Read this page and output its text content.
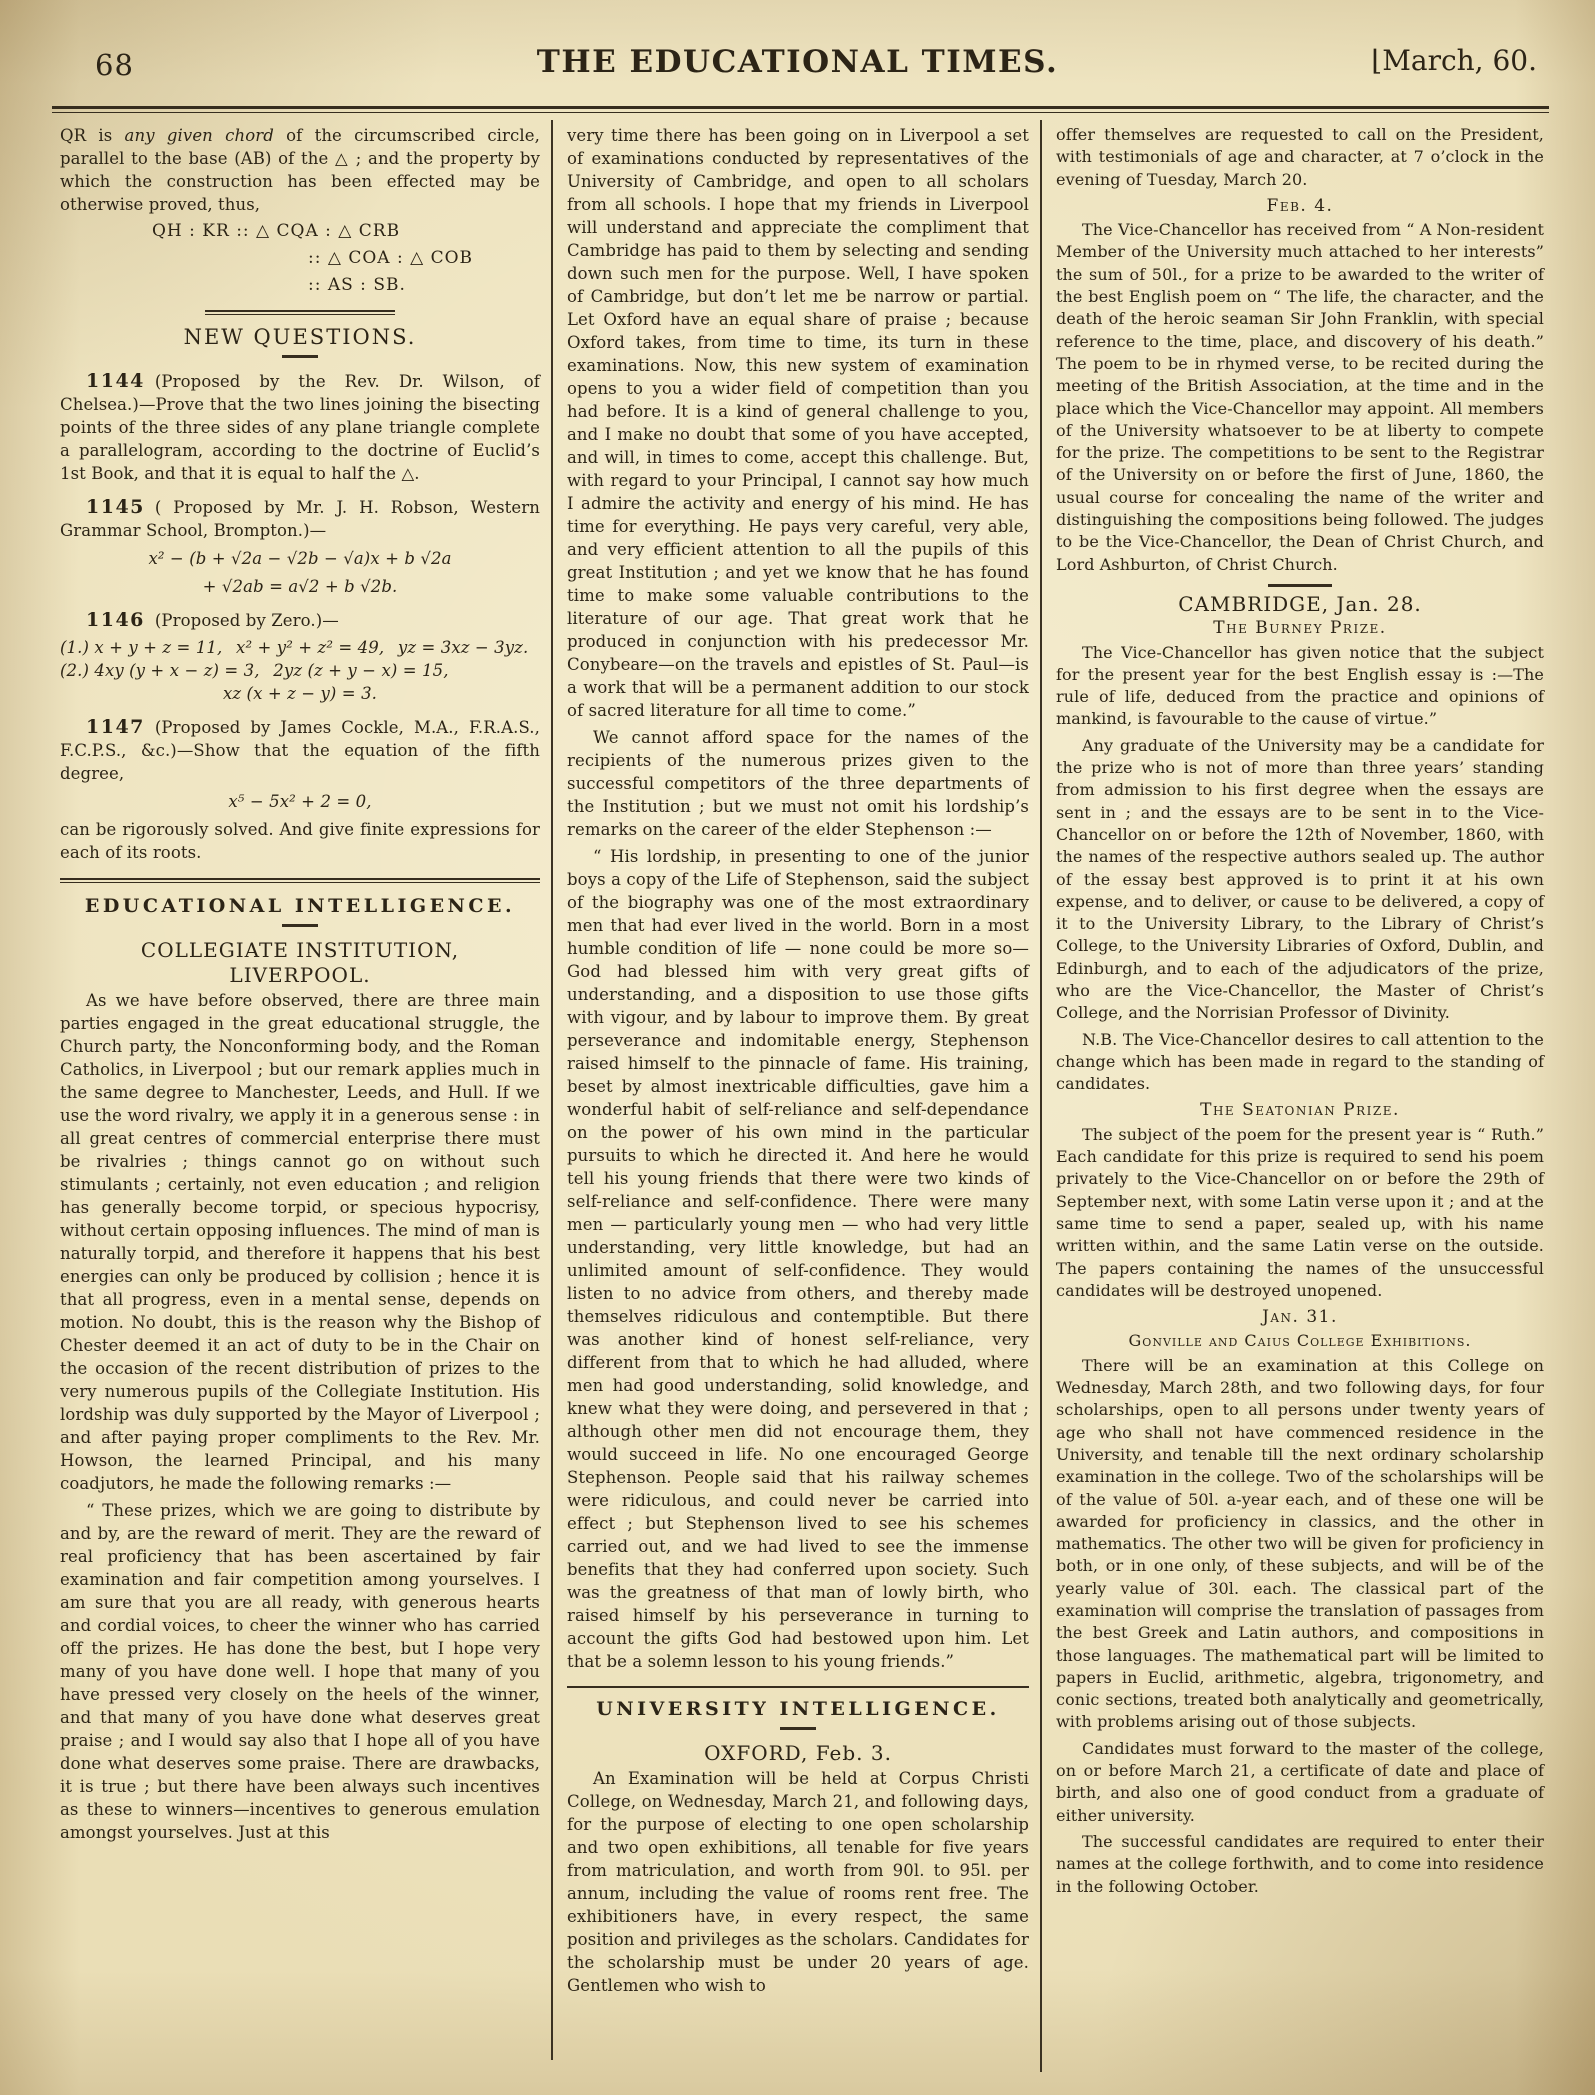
68	THE EDUCATIONAL TIMES.	⌊March, 60.

QR is any given chord of the circumscribed circle, parallel to the base (AB) of the △ ; and the property by which the construction has been effected may be otherwise proved, thus,

QH : KR :: △ CQA : △ CRB
:: △ COA : △ COB
:: AS : SB.
NEW QUESTIONS.

1144 (Proposed by the Rev. Dr. Wilson, of Chelsea.)—Prove that the two lines joining the bisecting points of the three sides of any plane triangle complete a parallelogram, according to the doctrine of Euclid’s 1st Book, and that it is equal to half the △.

1145 ( Proposed by Mr. J. H. Robson, Western Grammar School, Brompton.)—

x² − (b + √2a − √2b − √a)x + b √2a
+ √2ab = a√2 + b √2b.

1146 (Proposed by Zero.)—

(1.) x + y + z = 11,  x² + y² + z² = 49,  yz = 3xz − 3yz.

(2.) 4xy (y + x − z) = 3,  2yz (z + y − x) = 15,

xz (x + z − y) = 3.

1147 (Proposed by James Cockle, M.A., F.R.A.S., F.C.P.S., &c.)—Show that the equation of the fifth degree,

x⁵ − 5x² + 2 = 0,

can be rigorously solved. And give finite expressions for each of its roots.

EDUCATIONAL INTELLIGENCE.
COLLEGIATE INSTITUTION,
LIVERPOOL.

As we have before observed, there are three main parties engaged in the great educational struggle, the Church party, the Nonconforming body, and the Roman Catholics, in Liverpool ; but our remark applies much in the same degree to Manchester, Leeds, and Hull. If we use the word rivalry, we apply it in a generous sense : in all great centres of commercial enterprise there must be rivalries ; things cannot go on without such stimulants ; certainly, not even education ; and religion has generally become torpid, or specious hypocrisy, without certain opposing influences. The mind of man is naturally torpid, and therefore it happens that his best energies can only be produced by collision ; hence it is that all progress, even in a mental sense, depends on motion. No doubt, this is the reason why the Bishop of Chester deemed it an act of duty to be in the Chair on the occasion of the recent distribution of prizes to the very numerous pupils of the Collegiate Institution. His lordship was duly supported by the Mayor of Liverpool ; and after paying proper compliments to the Rev. Mr. Howson, the learned Principal, and his many coadjutors, he made the following remarks :—

“ These prizes, which we are going to distribute by and by, are the reward of merit. They are the reward of real proficiency that has been ascertained by fair examination and fair competition among yourselves. I am sure that you are all ready, with generous hearts and cordial voices, to cheer the winner who has carried off the prizes. He has done the best, but I hope very many of you have done well. I hope that many of you have pressed very closely on the heels of the winner, and that many of you have done what deserves great praise ; and I would say also that I hope all of you have done what deserves some praise. There are drawbacks, it is true ; but there have been always such incentives as these to winners—incentives to generous emulation amongst yourselves. Just at this

very time there has been going on in Liverpool a set of examinations conducted by representatives of the University of Cambridge, and open to all scholars from all schools. I hope that my friends in Liverpool will understand and appreciate the compliment that Cambridge has paid to them by selecting and sending down such men for the purpose. Well, I have spoken of Cambridge, but don’t let me be narrow or partial. Let Oxford have an equal share of praise ; because Oxford takes, from time to time, its turn in these examinations. Now, this new system of examination opens to you a wider field of competition than you had before. It is a kind of general challenge to you, and I make no doubt that some of you have accepted, and will, in times to come, accept this challenge. But, with regard to your Principal, I cannot say how much I admire the activity and energy of his mind. He has time for everything. He pays very careful, very able, and very efficient attention to all the pupils of this great Institution ; and yet we know that he has found time to make some valuable contributions to the literature of our age. That great work that he produced in conjunction with his predecessor Mr. Conybeare—on the travels and epistles of St. Paul—is a work that will be a permanent addition to our stock of sacred literature for all time to come.”

We cannot afford space for the names of the recipients of the numerous prizes given to the successful competitors of the three departments of the Institution ; but we must not omit his lordship’s remarks on the career of the elder Stephenson :—

“ His lordship, in presenting to one of the junior boys a copy of the Life of Stephenson, said the subject of the biography was one of the most extraordinary men that had ever lived in the world. Born in a most humble condition of life — none could be more so—God had blessed him with very great gifts of understanding, and a disposition to use those gifts with vigour, and by labour to improve them. By great perseverance and indomitable energy, Stephenson raised himself to the pinnacle of fame. His training, beset by almost inextricable difficulties, gave him a wonderful habit of self-reliance and self-dependance on the power of his own mind in the particular pursuits to which he directed it. And here he would tell his young friends that there were two kinds of self-reliance and self-confidence. There were many men — particularly young men — who had very little understanding, very little knowledge, but had an unlimited amount of self-confidence. They would listen to no advice from others, and thereby made themselves ridiculous and contemptible. But there was another kind of honest self-reliance, very different from that to which he had alluded, where men had good understanding, solid knowledge, and knew what they were doing, and persevered in that ; although other men did not encourage them, they would succeed in life. No one encouraged George Stephenson. People said that his railway schemes were ridiculous, and could never be carried into effect ; but Stephenson lived to see his schemes carried out, and we had lived to see the immense benefits that they had conferred upon society. Such was the greatness of that man of lowly birth, who raised himself by his perseverance in turning to account the gifts God had bestowed upon him. Let that be a solemn lesson to his young friends.”

UNIVERSITY INTELLIGENCE.
OXFORD, Feb. 3.

An Examination will be held at Corpus Christi College, on Wednesday, March 21, and following days, for the purpose of electing to one open scholarship and two open exhibitions, all tenable for five years from matriculation, and worth from 90l. to 95l. per annum, including the value of rooms rent free. The exhibitioners have, in every respect, the same position and privileges as the scholars. Candidates for the scholarship must be under 20 years of age. Gentlemen who wish to

offer themselves are requested to call on the President, with testimonials of age and character, at 7 o’clock in the evening of Tuesday, March 20.

Feb. 4.

The Vice-Chancellor has received from “ A Non-resident Member of the University much attached to her interests” the sum of 50l., for a prize to be awarded to the writer of the best English poem on “ The life, the character, and the death of the heroic seaman Sir John Franklin, with special reference to the time, place, and discovery of his death.” The poem to be in rhymed verse, to be recited during the meeting of the British Association, at the time and in the place which the Vice-Chancellor may appoint. All members of the University whatsoever to be at liberty to compete for the prize. The competitions to be sent to the Registrar of the University on or before the first of June, 1860, the usual course for concealing the name of the writer and distinguishing the compositions being followed. The judges to be the Vice-Chancellor, the Dean of Christ Church, and Lord Ashburton, of Christ Church.

CAMBRIDGE, Jan. 28.
The Burney Prize.

The Vice-Chancellor has given notice that the subject for the present year for the best English essay is :—The rule of life, deduced from the practice and opinions of mankind, is favourable to the cause of virtue.”

Any graduate of the University may be a candidate for the prize who is not of more than three years’ standing from admission to his first degree when the essays are sent in ; and the essays are to be sent in to the Vice-Chancellor on or before the 12th of November, 1860, with the names of the respective authors sealed up. The author of the essay best approved is to print it at his own expense, and to deliver, or cause to be delivered, a copy of it to the University Library, to the Library of Christ’s College, to the University Libraries of Oxford, Dublin, and Edinburgh, and to each of the adjudicators of the prize, who are the Vice-Chancellor, the Master of Christ’s College, and the Norrisian Professor of Divinity.

N.B. The Vice-Chancellor desires to call attention to the change which has been made in regard to the standing of candidates.

The Seatonian Prize.

The subject of the poem for the present year is “ Ruth.” Each candidate for this prize is required to send his poem privately to the Vice-Chancellor on or before the 29th of September next, with some Latin verse upon it ; and at the same time to send a paper, sealed up, with his name written within, and the same Latin verse on the outside. The papers containing the names of the unsuccessful candidates will be destroyed unopened.

Jan. 31.
Gonville and Caius College Exhibitions.

There will be an examination at this College on Wednesday, March 28th, and two following days, for four scholarships, open to all persons under twenty years of age who shall not have commenced residence in the University, and tenable till the next ordinary scholarship examination in the college. Two of the scholarships will be of the value of 50l. a-year each, and of these one will be awarded for proficiency in classics, and the other in mathematics. The other two will be given for proficiency in both, or in one only, of these subjects, and will be of the yearly value of 30l. each. The classical part of the examination will comprise the translation of passages from the best Greek and Latin authors, and compositions in those languages. The mathematical part will be limited to papers in Euclid, arithmetic, algebra, trigonometry, and conic sections, treated both analytically and geometrically, with problems arising out of those subjects.

Candidates must forward to the master of the college, on or before March 21, a certificate of date and place of birth, and also one of good conduct from a graduate of either university.

The successful candidates are required to enter their names at the college forthwith, and to come into residence in the following October.
